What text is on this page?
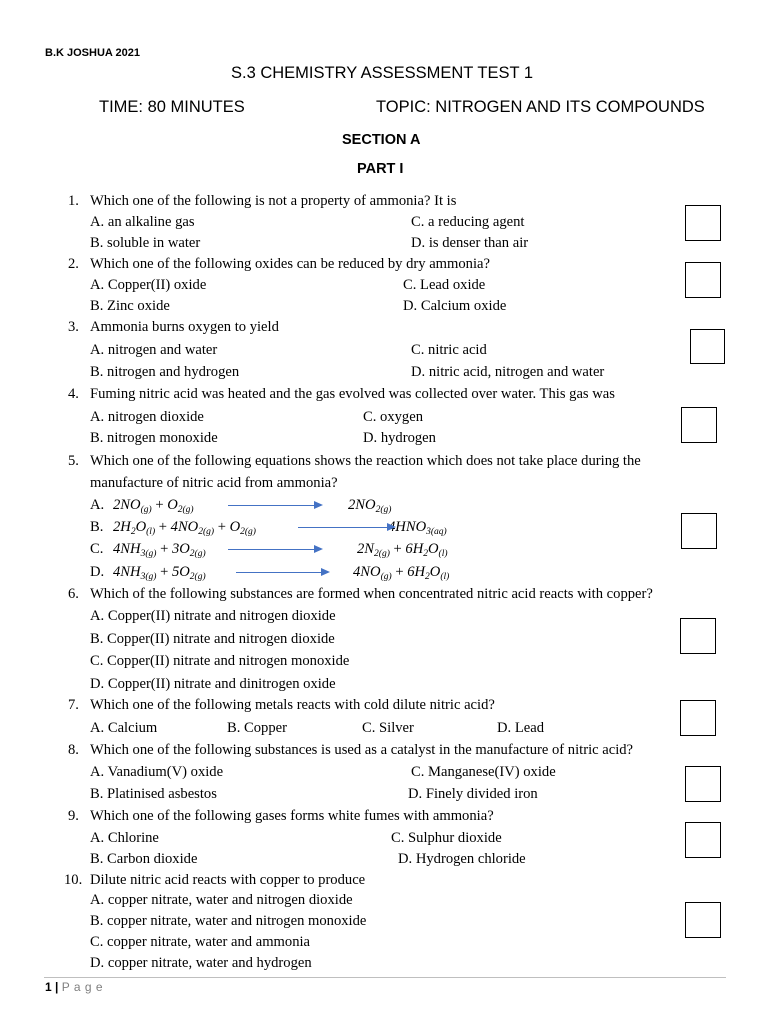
B.K JOSHUA 2021
S.3 CHEMISTRY ASSESSMENT TEST 1
TIME: 80 MINUTES	TOPIC: NITROGEN AND ITS COMPOUNDS
SECTION A
PART I
1. Which one of the following is not a property of ammonia? It is
A. an alkaline gas	C. a reducing agent
B. soluble in water	D. is denser than air
2. Which one of the following oxides can be reduced by dry ammonia?
A. Copper(II) oxide	C. Lead oxide
B. Zinc oxide	D. Calcium oxide
3. Ammonia burns oxygen to yield
A. nitrogen and water	C. nitric acid
B. nitrogen and hydrogen	D. nitric acid, nitrogen and water
4. Fuming nitric acid was heated and the gas evolved was collected over water. This gas was
A. nitrogen dioxide	C. oxygen
B. nitrogen monoxide	D. hydrogen
5. Which one of the following equations shows the reaction which does not take place during the
manufacture of nitric acid from ammonia?
A. $2NO_{(g)} + O_{2(g)}$	$2NO_{2(g)}$
B. $2H_2O_{(l)} + 4NO_{2(g)} + O_{2(g)}$	$4HNO_{3(aq)}$
C. $4NH_{3(g)} + 3O_{2(g)}$	$2N_{2(g)} + 6H_2O_{(l)}$
D. $4NH_{3(g)} + 5O_{2(g)}$	$4NO_{(g)} + 6H_2O_{(l)}$
6. Which of the following substances are formed when concentrated nitric acid reacts with copper?
A. Copper(II) nitrate and nitrogen dioxide
B. Copper(II) nitrate and nitrogen dioxide
C. Copper(II) nitrate and nitrogen monoxide
D. Copper(II) nitrate and dinitrogen oxide
7. Which one of the following metals reacts with cold dilute nitric acid?
A. Calcium	B. Copper	C. Silver	D. Lead
8. Which one of the following substances is used as a catalyst in the manufacture of nitric acid?
A. Vanadium(V) oxide	C. Manganese(IV) oxide
B. Platinised asbestos	D. Finely divided iron
9. Which one of the following gases forms white fumes with ammonia?
A. Chlorine	C. Sulphur dioxide
B. Carbon dioxide	D. Hydrogen chloride
10. Dilute nitric acid reacts with copper to produce
A. copper nitrate, water and nitrogen dioxide
B. copper nitrate, water and nitrogen monoxide
C. copper nitrate, water and ammonia
D. copper nitrate, water and hydrogen
1 | P a g e
